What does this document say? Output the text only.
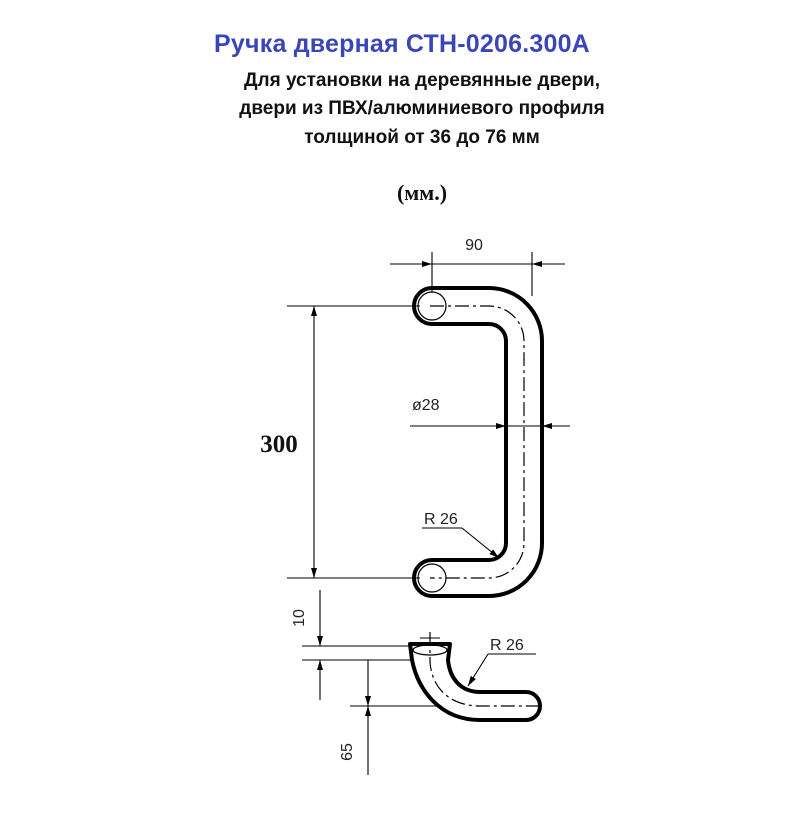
Ручка дверная СТН-0206.300А
Для установки на деревянные двери,
двери из ПВХ/алюминиевого профиля
толщиной от 36 до 76 мм
(мм.)
90
ø28
300
R 26
R 26
10
65
